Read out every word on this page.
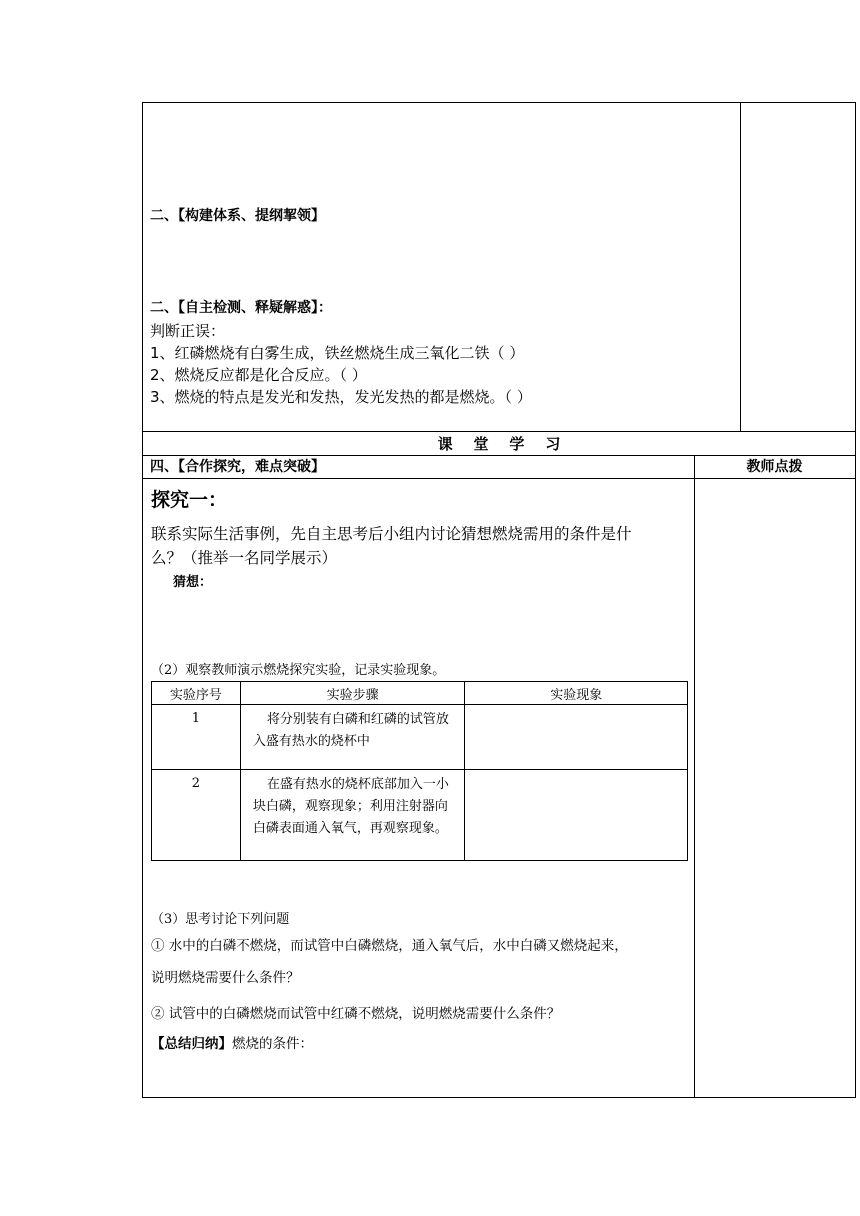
二、【构建体系、提纲挈领】
二、【自主检测、释疑解惑】：
判断正误：
1、红磷燃烧有白雾生成，铁丝燃烧生成三氧化二铁（ ）
2、燃烧反应都是化合反应。（ ）
3、燃烧的特点是发光和发热，发光发热的都是燃烧。（ ）
课    堂    学    习
四、【合作探究，难点突破】	教师点拨
探究一：
联系实际生活事例，先自主思考后小组内讨论猜想燃烧需用的条件是什
么？（推举一名同学展示）
猜想：
（2）观察教师演示燃烧探究实验，记录实验现象。
实验序号	实验步骤	实验现象
1	将分别装有白磷和红磷的试管放入盛有热水的烧杯中	
2	在盛有热水的烧杯底部加入一小块白磷，观察现象；利用注射器向白磷表面通入氧气，再观察现象。	
（3）思考讨论下列问题
① 水中的白磷不燃烧，而试管中白磷燃烧，通入氧气后，水中白磷又燃烧起来，
说明燃烧需要什么条件？
② 试管中的白磷燃烧而试管中红磷不燃烧，说明燃烧需要什么条件？
【总结归纳】燃烧的条件：
